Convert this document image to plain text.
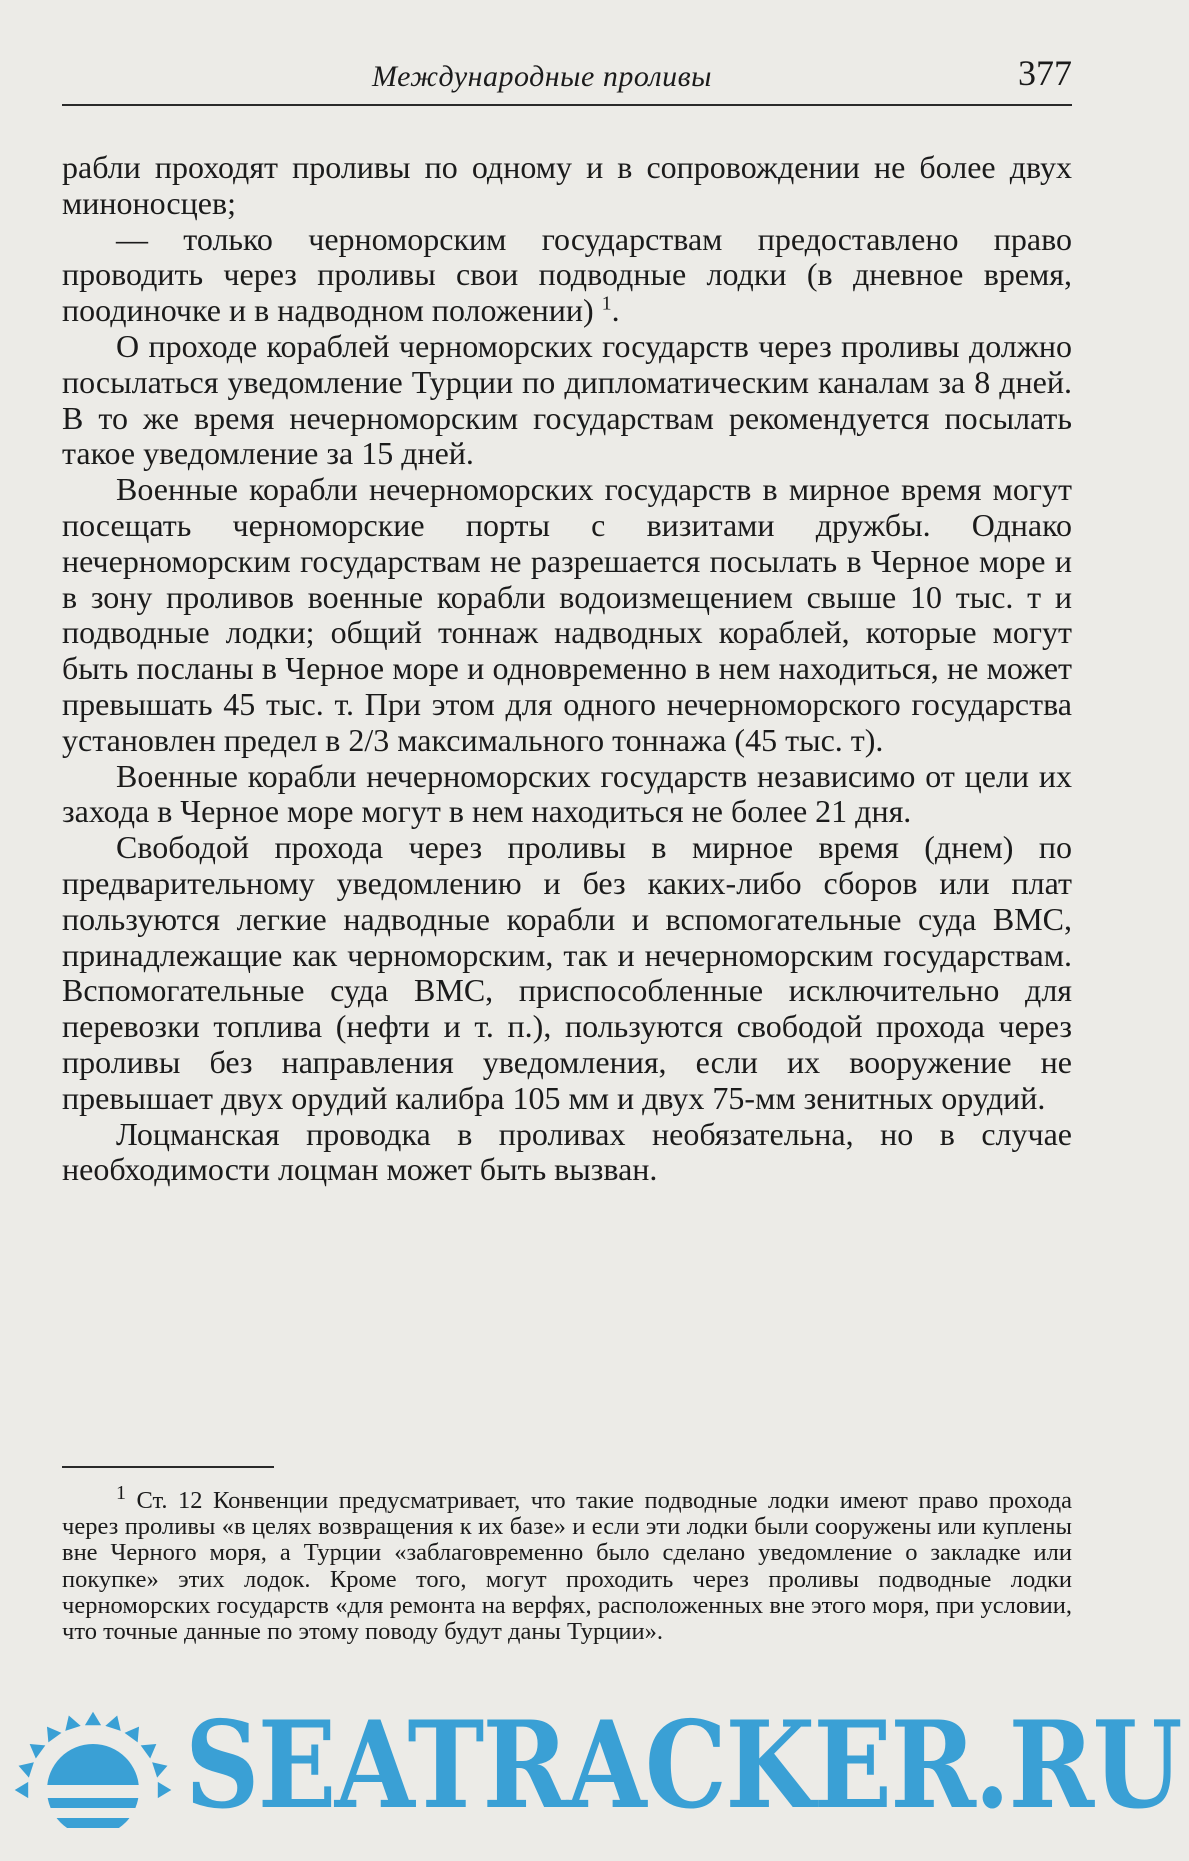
Международные проливы	377

рабли проходят проливы по одному и в сопровождении не более двух миноносцев;

— только черноморским государствам предоставлено право проводить через проливы свои подводные лодки (в дневное время, поодиночке и в надводном положении) $^1$.

О проходе кораблей черноморских государств через проливы должно посылаться уведомление Турции по дипломатическим каналам за 8 дней. В то же время нечерноморским государствам рекомендуется посылать такое уведомление за 15 дней.

Военные корабли нечерноморских государств в мирное время могут посещать черноморские порты с визитами дружбы. Однако нечерноморским государствам не разрешается посылать в Черное море и в зону проливов военные корабли водоизмещением свыше 10 тыс. т и подводные лодки; общий тоннаж надводных кораблей, которые могут быть посланы в Черное море и одновременно в нем находиться, не может превышать 45 тыс. т. При этом для одного нечерноморского государства установлен предел в 2/3 максимального тоннажа (45 тыс. т).

Военные корабли нечерноморских государств независимо от цели их захода в Черное море могут в нем находиться не более 21 дня.

Свободой прохода через проливы в мирное время (днем) по предварительному уведомлению и без каких-либо сборов или плат пользуются легкие надводные корабли и вспомогательные суда ВМС, принадлежащие как черноморским, так и нечерноморским государствам. Вспомогательные суда ВМС, приспособленные исключительно для перевозки топлива (нефти и т. п.), пользуются свободой прохода через проливы без направления уведомления, если их вооружение не превышает двух орудий калибра 105 мм и двух 75-мм зенитных орудий.

Лоцманская проводка в проливах необязательна, но в случае необходимости лоцман может быть вызван.

$^1$ Ст. 12 Конвенции предусматривает, что такие подводные лодки имеют право прохода через проливы «в целях возвращения к их базе» и если эти лодки были сооружены или куплены вне Черного моря, а Турции «заблаговременно было сделано уведомление о закладке или покупке» этих лодок. Кроме того, могут проходить через проливы подводные лодки черноморских государств «для ремонта на верфях, расположенных вне этого моря, при условии, что точные данные по этому поводу будут даны Турции».

SEATRACKER.RU
